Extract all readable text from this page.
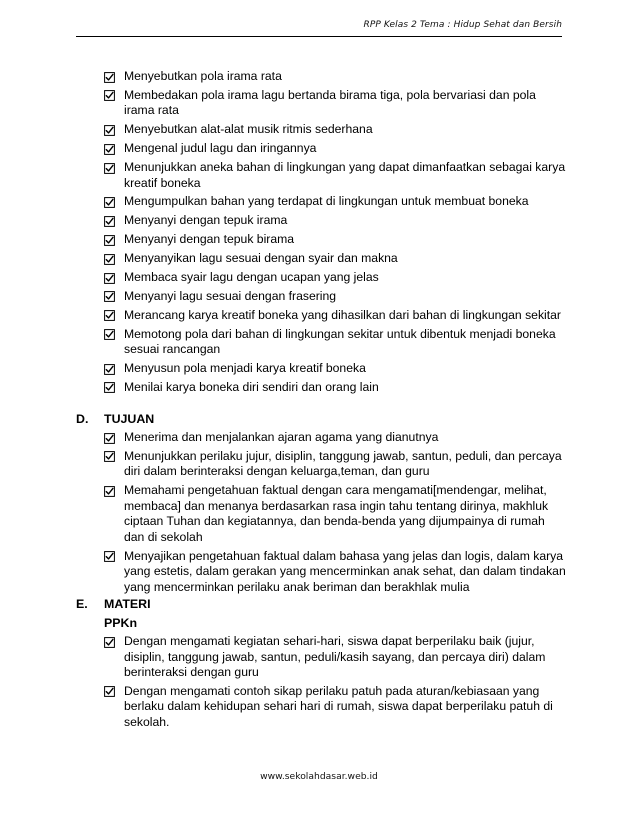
RPP Kelas 2 Tema : Hidup Sehat dan Bersih
Menyebutkan pola irama rata
Membedakan pola irama lagu bertanda birama tiga, pola bervariasi dan pola irama rata
Menyebutkan alat-alat musik ritmis sederhana
Mengenal judul lagu dan iringannya
Menunjukkan aneka bahan di lingkungan yang dapat dimanfaatkan sebagai karya kreatif boneka
Mengumpulkan bahan yang terdapat di lingkungan untuk membuat boneka
Menyanyi dengan tepuk irama
Menyanyi dengan tepuk birama
Menyanyikan lagu sesuai dengan syair dan makna
Membaca syair lagu dengan ucapan yang jelas
Menyanyi lagu sesuai dengan frasering
Merancang karya kreatif boneka yang dihasilkan dari bahan di lingkungan sekitar
Memotong pola dari bahan di lingkungan sekitar untuk dibentuk menjadi boneka sesuai rancangan
Menyusun pola menjadi karya kreatif boneka
Menilai karya boneka diri sendiri dan orang lain
D. TUJUAN
Menerima dan menjalankan ajaran agama yang dianutnya
Menunjukkan perilaku jujur, disiplin, tanggung jawab, santun, peduli, dan percaya diri dalam berinteraksi dengan keluarga,teman, dan guru
Memahami pengetahuan faktual dengan cara mengamati[mendengar, melihat, membaca] dan menanya berdasarkan rasa ingin tahu tentang dirinya, makhluk ciptaan Tuhan dan kegiatannya, dan benda-benda yang dijumpainya di rumah dan di sekolah
Menyajikan pengetahuan faktual dalam bahasa yang jelas dan logis, dalam karya yang estetis, dalam gerakan yang mencerminkan anak sehat, dan dalam tindakan yang mencerminkan perilaku anak beriman dan berakhlak mulia
E. MATERI
PPKn
Dengan mengamati kegiatan sehari-hari, siswa dapat berperilaku baik (jujur, disiplin, tanggung jawab, santun, peduli/kasih sayang, dan percaya diri) dalam berinteraksi dengan guru
Dengan mengamati contoh sikap perilaku patuh pada aturan/kebiasaan yang berlaku dalam kehidupan sehari hari di rumah, siswa dapat berperilaku patuh di sekolah.
www.sekolahdasar.web.id
